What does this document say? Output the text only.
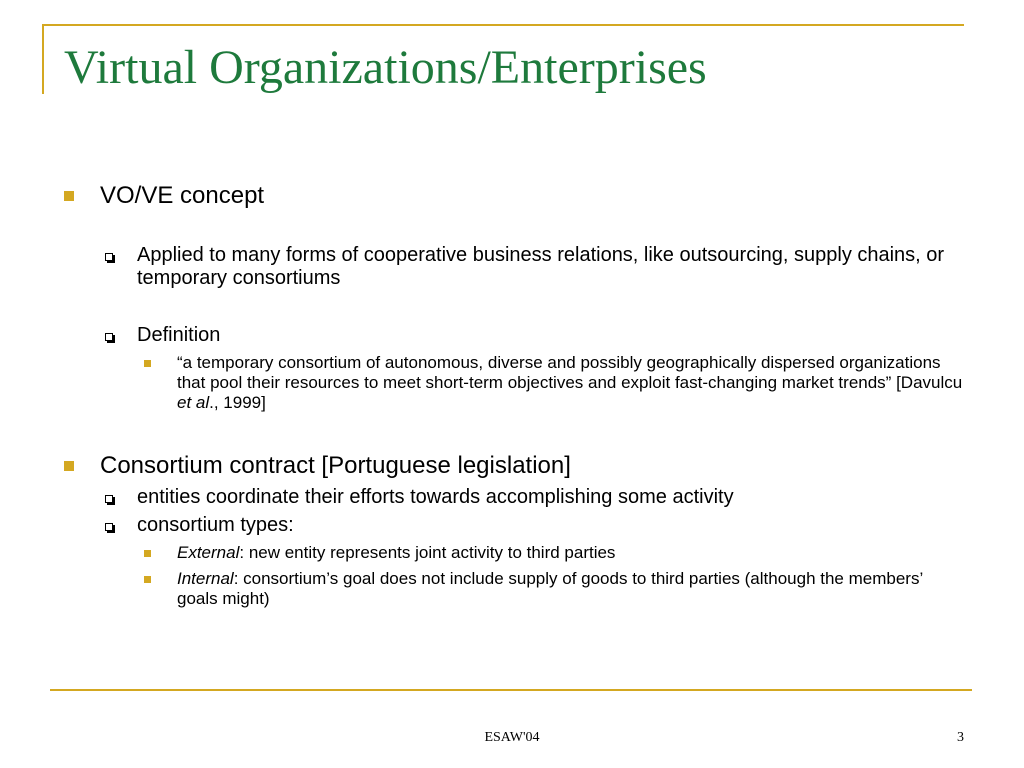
Virtual Organizations/Enterprises
VO/VE concept
Applied to many forms of cooperative business relations, like outsourcing, supply chains, or temporary consortiums
Definition
“a temporary consortium of autonomous, diverse and possibly geographically dispersed organizations that pool their resources to meet short-term objectives and exploit fast-changing market trends” [Davulcu et al., 1999]
Consortium contract [Portuguese legislation]
entities coordinate their efforts towards accomplishing some activity
consortium types:
External: new entity represents joint activity to third parties
Internal: consortium’s goal does not include supply of goods to third parties (although the members’ goals might)
ESAW'04	3
